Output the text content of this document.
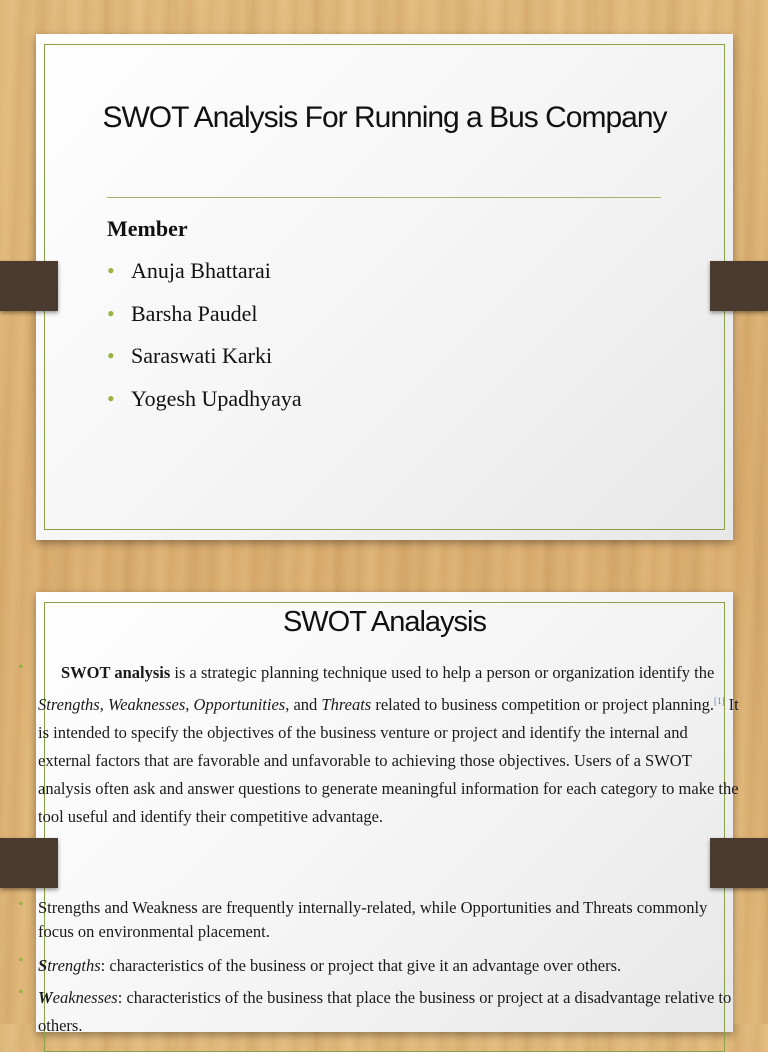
SWOT Analysis For Running a Bus Company

Member

• Anuja Bhattarai
• Barsha Paudel
• Saraswati Karki
• Yogesh Upadhyaya
SWOT Analaysis
•	SWOT analysis is a strategic planning technique used to help a person or organization identify the Strengths, Weaknesses, Opportunities, and Threats related to business competition or project planning.[1] It is intended to specify the objectives of the business venture or project and identify the internal and external factors that are favorable and unfavorable to achieving those objectives. Users of a SWOT analysis often ask and answer questions to generate meaningful information for each category to make the tool useful and identify their competitive advantage.

• Strengths and Weakness are frequently internally-related, while Opportunities and Threats commonly focus on environmental placement.

• Strengths: characteristics of the business or project that give it an advantage over others.

• Weaknesses: characteristics of the business that place the business or project at a disadvantage relative to others.
